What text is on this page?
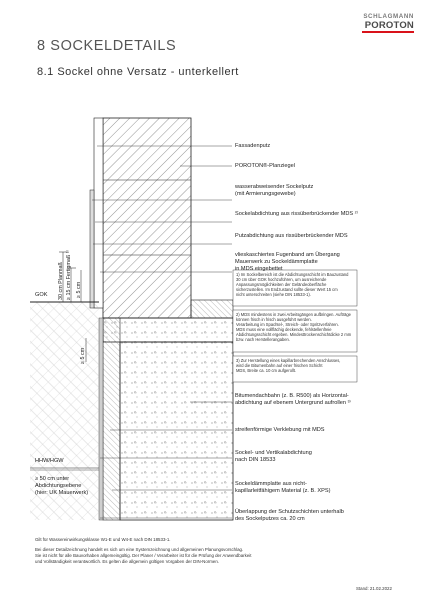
SCHLAGMANN
POROTON
8 SOCKELDETAILS
8.1 Sockel ohne Versatz - unterkellert
Fassadenputz
POROTON®-Planziegel
wasserabweisender Sockelputz
(mit Armierungsgewebe)
Sockelabdichtung aus rissüberbrückender MDS ²⁾
Putzabdichtung aus rissüberbrückender MDS
vlieskaschiertes Fugenband am Übergang
Mauerwerk zu Sockeldämmplatte
in MDS eingebettet
1) Im Sockelbereich ist die Abdichtungsschicht im Bauzustand
30 cm über GOK hochzuführen, um ausreichende
Anpassungsmöglichkeiten der Geländeoberfläche
sicherzustellen. Im Endzustand sollte dieser Wert 15 cm
nicht unterschreiten (siehe DIN 18533-1).
2) MDS mindestens in zwei Arbeitsgängen aufbringen. Aufträge
können frisch in frisch ausgeführt werden.
Verarbeitung im Spachtel-, Streich- oder Spritzverfahren.
MDS muss eine vollflächig deckende, fehlstellenfreie
Abdichtungsschicht ergeben. Mindesttrockenschichtdicke 2 mm
bzw. nach Herstellerangaben.
3) Zur Herstellung eines kapillarbrechenden Anschlusses,
wird die Bitumenbahn auf einer frischen Schicht
MDS, Breite ca. 10 cm aufgerollt.
Bitumendachbahn (z. B. R500) als Horizontal-
abdichtung auf ebenem Untergrund aufrollen ³⁾
streifenförmige Verklebung mit MDS
Sockel- und Vertikalabdichtung
nach DIN 18533
Sockeldämmplatte aus nicht-
kapillarleitfähigem Material (z. B. XPS)
Überlappung der Schutzschichten unterhalb
des Sockelputzes ca. 20 cm
30 cm Planmaß ≥ 15 cm Fertigmaß ¹⁾ ≥ 5 cm
≥ 5 cm
GOK
HHW/HGW
≥ 50 cm unter
Abdichtungsebene
(hier: UK Mauerwerk)
Gilt für Wassereinwirkungsklasse W1-E und W4-E nach DIN 18533-1.
Bei dieser Detailzeichnung handelt es sich um eine Systemzeichnung und allgemeinen Planungsvorschlag.
Sie ist nicht für alle Bauvorhaben allgemeingültig. Der Planer / Verarbeiter ist für die Prüfung der Anwendbarkeit
und Vollständigkeit verantwortlich. Es gelten die allgemein gültigen Vorgaben der DIN-Normen.
Stand: 21.02.2022
